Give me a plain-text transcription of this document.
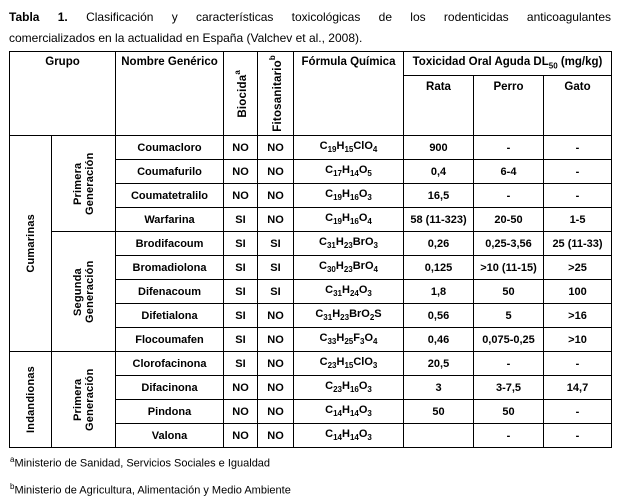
Tabla 1. Clasificación y características toxicológicas de los rodenticidas anticoagulantes
comercializados en la actualidad en España (Valchev et al., 2008).
Grupo		Nombre Genérico	Biocida$^a$	Fitosanitario$^b$	Fórmula Química	Toxicidad Oral Aguda $DL_{50}$ (mg/kg)		
						Rata	Perro	Gato
Cumarinas	Primera Generación	Coumacloro	NO	NO	$C_{19}H_{15}ClO_4$	900	-	-
		Coumafurilo	NO	NO	$C_{17}H_{14}O_5$	0,4	6-4	-
		Coumatetralilo	NO	NO	$C_{19}H_{16}O_3$	16,5	-	-
		Warfarina	SI	NO	$C_{19}H_{16}O_4$	58 (11-323)	20-50	1-5
	Segunda Generación	Brodifacoum	SI	SI	$C_{31}H_{23}BrO_3$	0,26	0,25-3,56	25 (11-33)
		Bromadiolona	SI	SI	$C_{30}H_{23}BrO_4$	0,125	>10 (11-15)	>25
		Difenacoum	SI	SI	$C_{31}H_{24}O_3$	1,8	50	100
		Difetialona	SI	NO	$C_{31}H_{23}BrO_2S$	0,56	5	>16
		Flocoumafen	SI	NO	$C_{33}H_{25}F_3O_4$	0,46	0,075-0,25	>10
Indandionas	Primera Generación	Clorofacinona	SI	NO	$C_{23}H_{15}ClO_3$	20,5	-	-
		Difacinona	NO	NO	$C_{23}H_{16}O_3$	3	3-7,5	14,7
		Pindona	NO	NO	$C_{14}H_{14}O_3$	50	50	-
		Valona	NO	NO	$C_{14}H_{14}O_3$		-	-

$^a$Ministerio de Sanidad, Servicios Sociales e Igualdad

$^b$Ministerio de Agricultura, Alimentación y Medio Ambiente
